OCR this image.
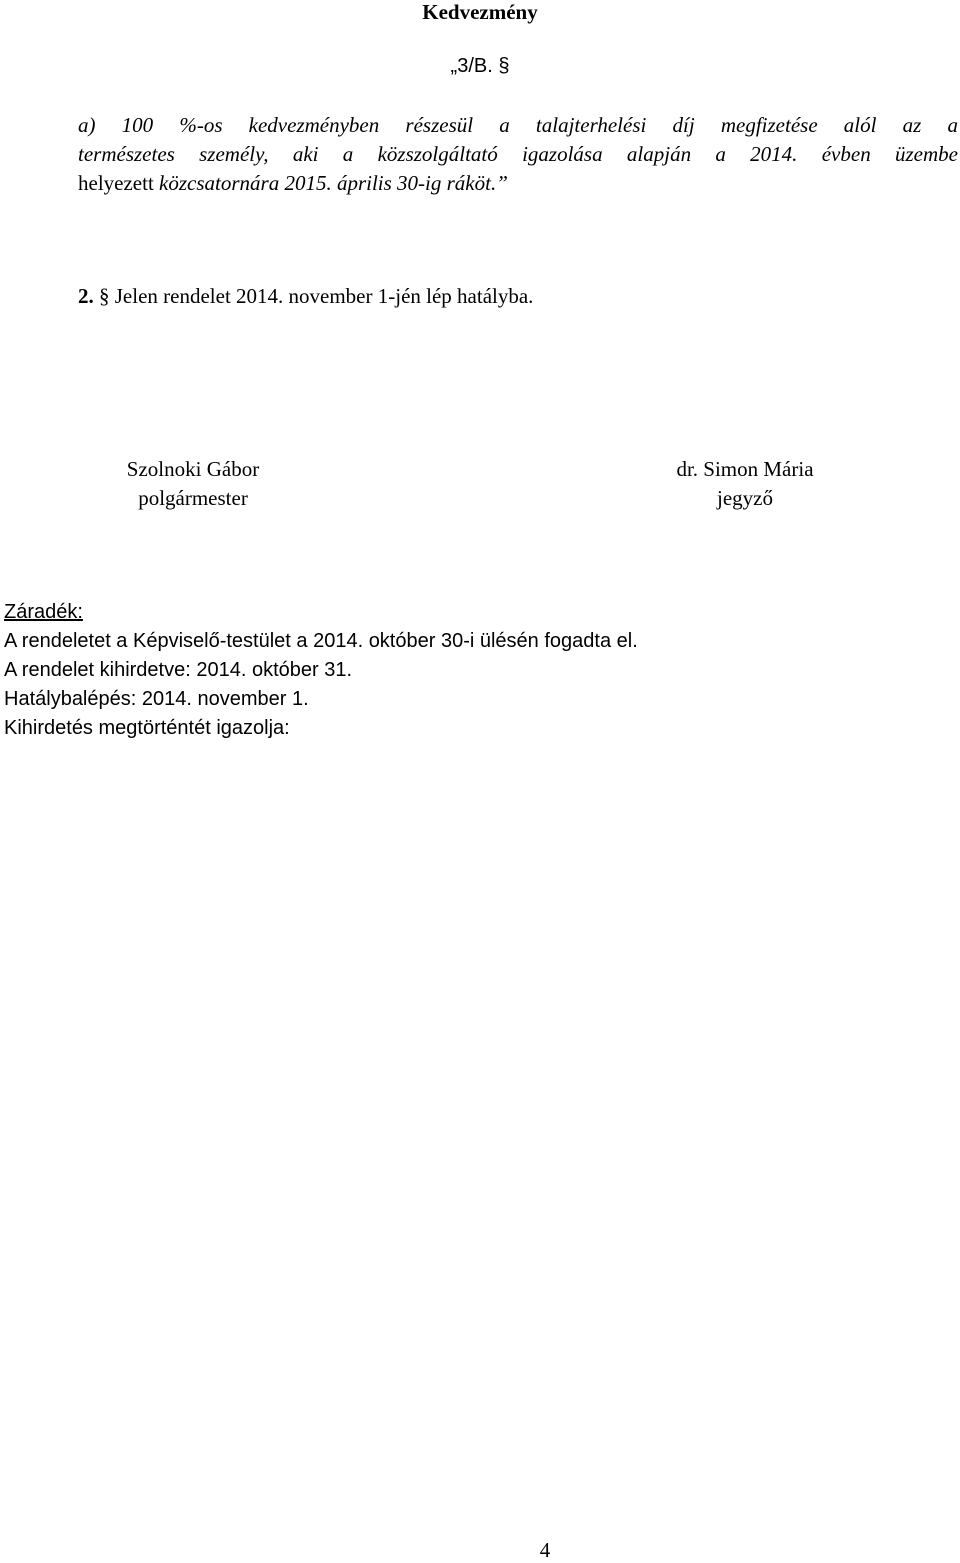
Kedvezmény
„3/B. §
a) 100 %-os kedvezményben részesül a talajterhelési díj megfizetése alól az a
természetes személy, aki a közszolgáltató igazolása alapján a 2014. évben üzembe
helyezett közcsatornára 2015. április 30-ig ráköt.”
2. § Jelen rendelet 2014. november 1-jén lép hatályba.
Szolnoki Gábor
polgármester
dr. Simon Mária
jegyző
Záradék:
A rendeletet a Képviselő-testület a 2014. október 30-i ülésén fogadta el.
A rendelet kihirdetve: 2014. október 31.
Hatálybalépés: 2014. november 1.
Kihirdetés megtörténtét igazolja:
4
